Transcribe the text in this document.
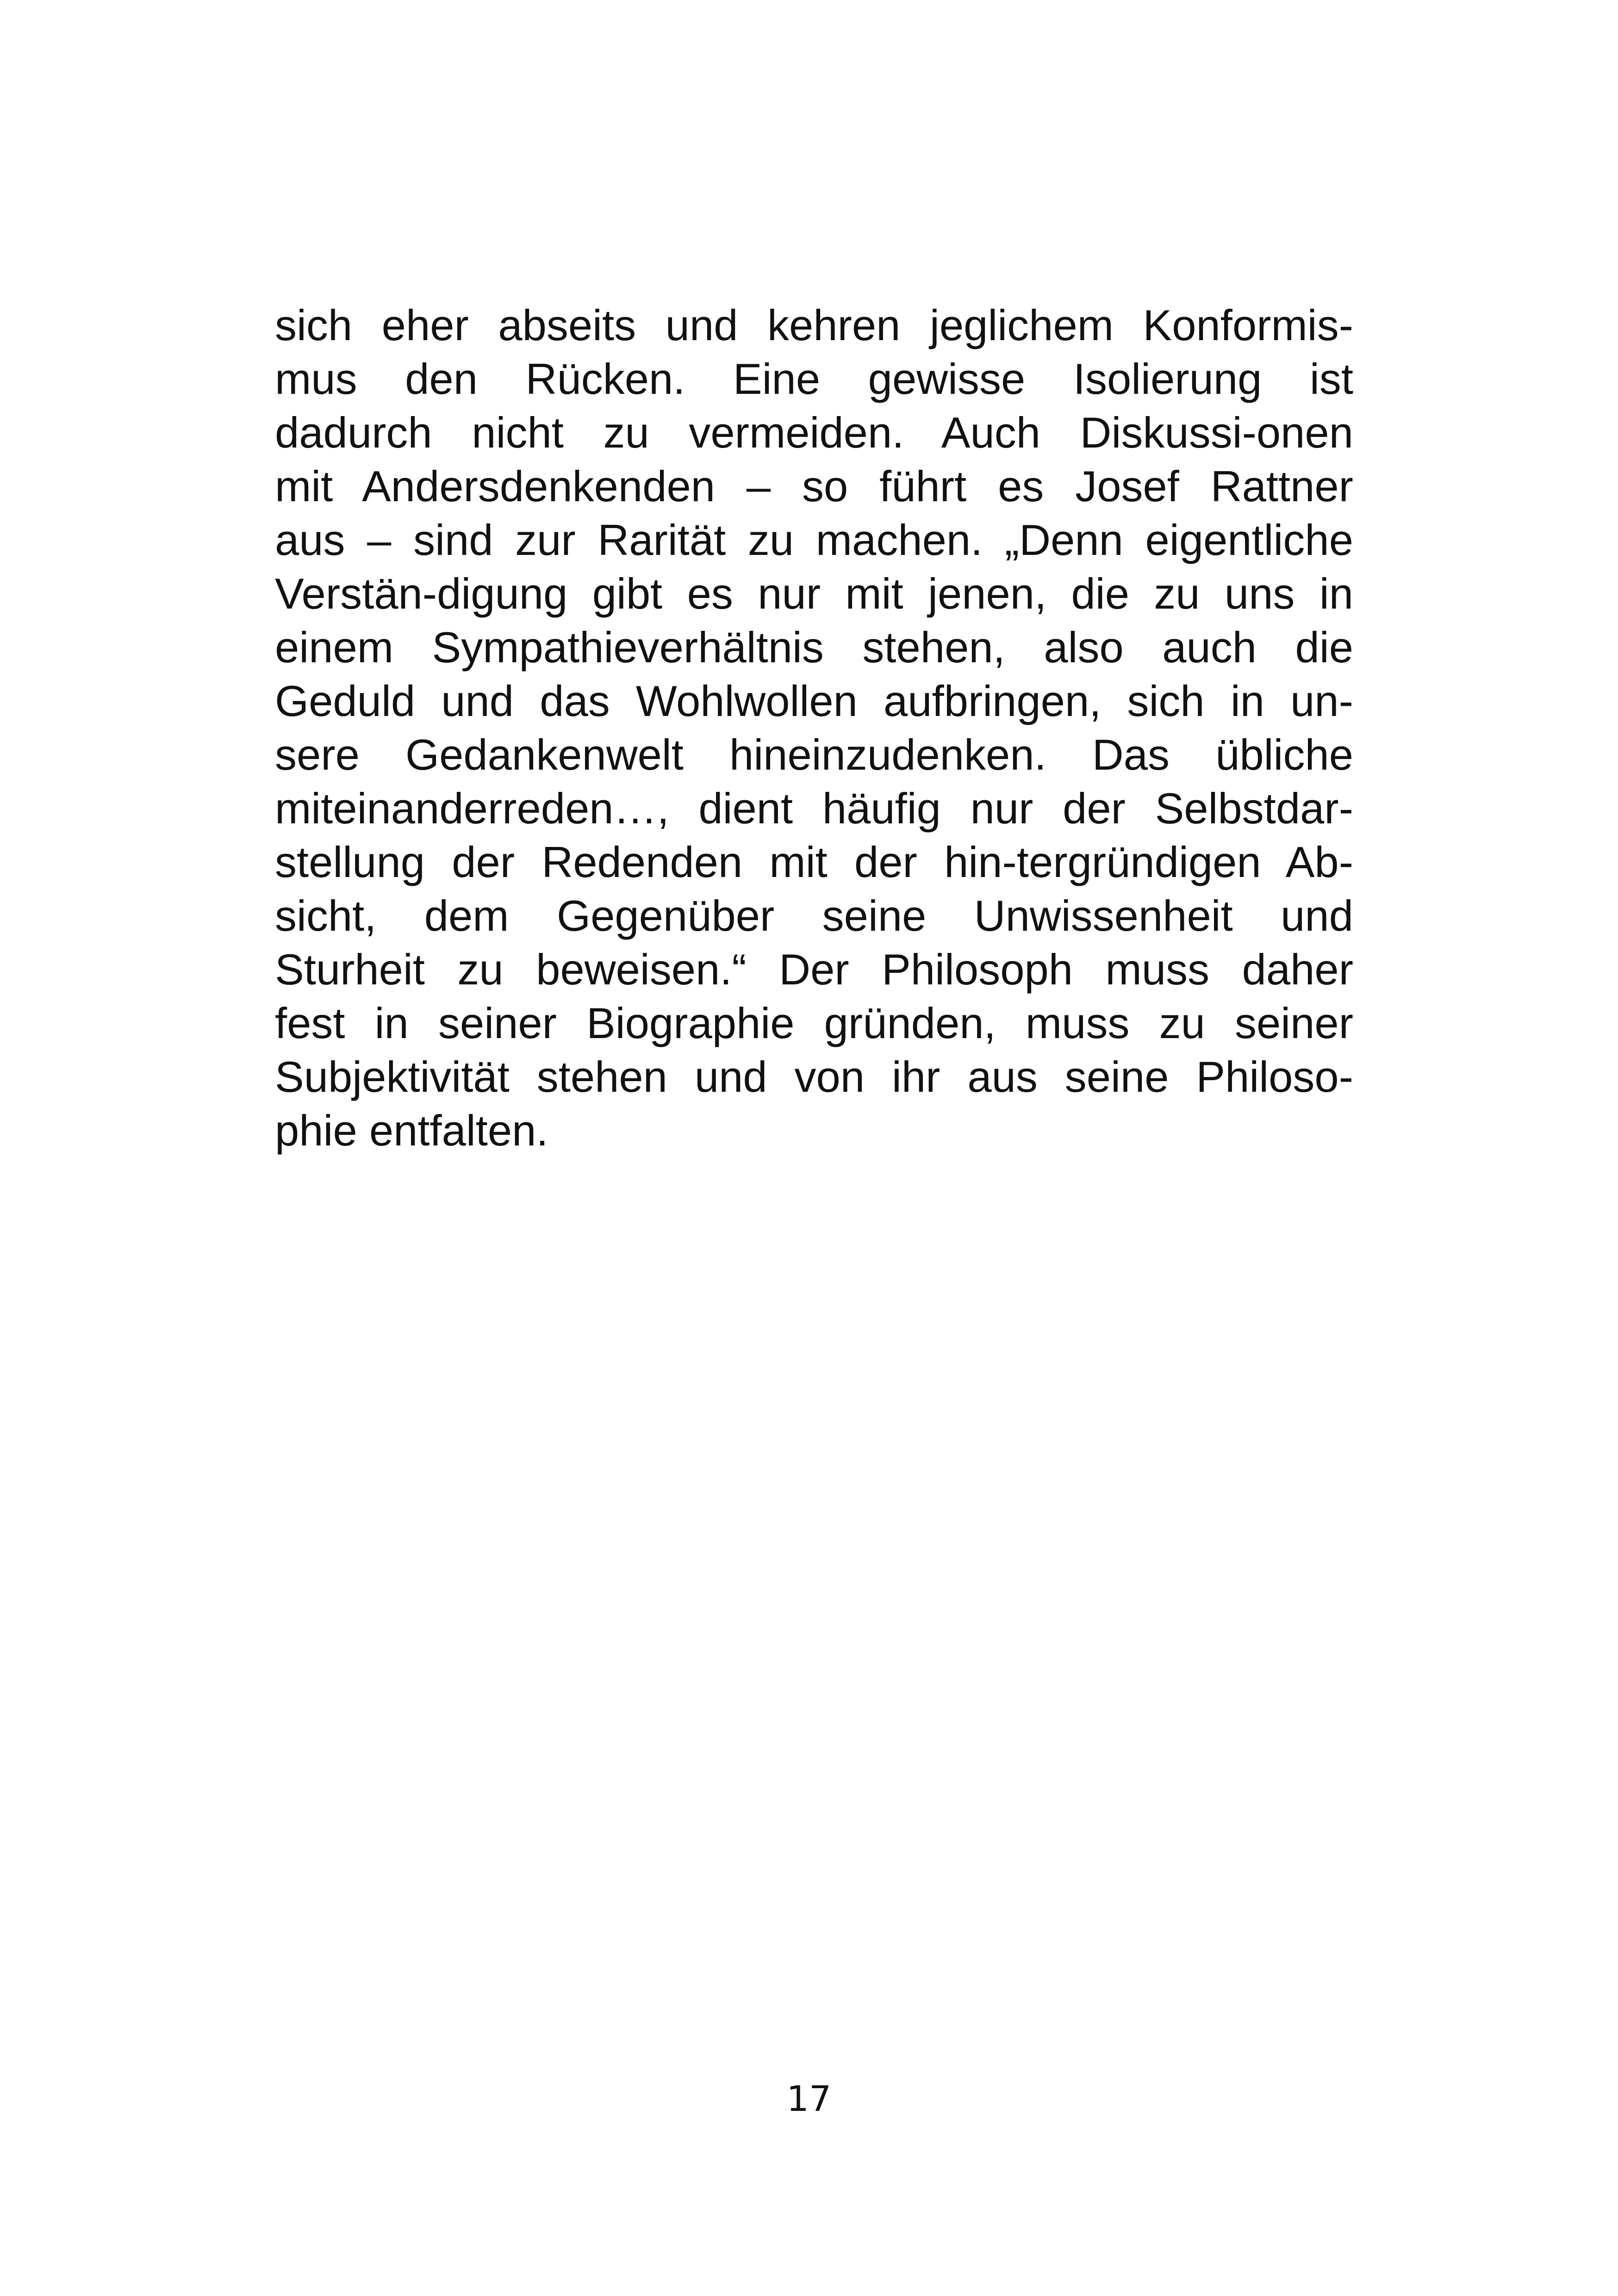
sich eher abseits und kehren jeglichem Konformis-
mus den Rücken. Eine gewisse Isolierung ist
dadurch nicht zu vermeiden. Auch Diskussi-onen
mit Andersdenkenden – so führt es Josef Rattner
aus – sind zur Rarität zu machen. „Denn eigentliche
Verstän-digung gibt es nur mit jenen, die zu uns in
einem Sympathieverhältnis stehen, also auch die
Geduld und das Wohlwollen aufbringen, sich in un-
sere Gedankenwelt hineinzudenken. Das übliche
miteinanderreden…, dient häufig nur der Selbstdar-
stellung der Redenden mit der hin-tergründigen Ab-
sicht, dem Gegenüber seine Unwissenheit und
Sturheit zu beweisen.“ Der Philosoph muss daher
fest in seiner Biographie gründen, muss zu seiner
Subjektivität stehen und von ihr aus seine Philoso-
phie entfalten.
17
